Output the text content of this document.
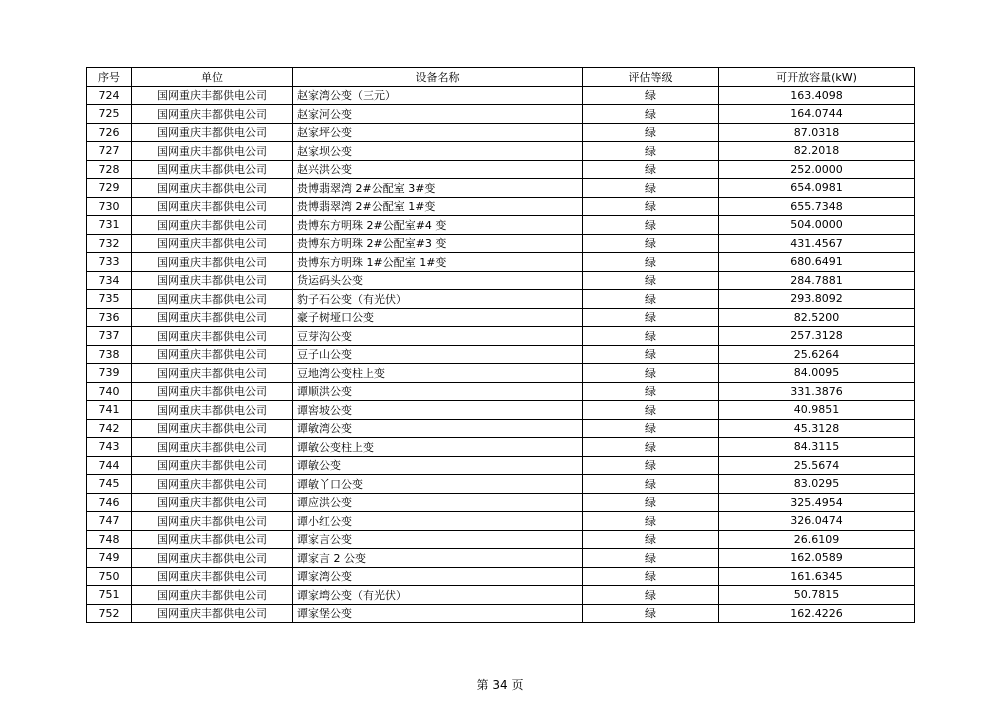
序号	单位	设备名称	评估等级	可开放容量(kW)
724	国网重庆丰都供电公司	赵家湾公变（三元）	绿	163.4098
725	国网重庆丰都供电公司	赵家河公变	绿	164.0744
726	国网重庆丰都供电公司	赵家坪公变	绿	87.0318
727	国网重庆丰都供电公司	赵家坝公变	绿	82.2018
728	国网重庆丰都供电公司	赵兴洪公变	绿	252.0000
729	国网重庆丰都供电公司	贵博翡翠湾 2#公配室 3#变	绿	654.0981
730	国网重庆丰都供电公司	贵博翡翠湾 2#公配室 1#变	绿	655.7348
731	国网重庆丰都供电公司	贵博东方明珠 2#公配室#4 变	绿	504.0000
732	国网重庆丰都供电公司	贵博东方明珠 2#公配室#3 变	绿	431.4567
733	国网重庆丰都供电公司	贵博东方明珠 1#公配室 1#变	绿	680.6491
734	国网重庆丰都供电公司	货运码头公变	绿	284.7881
735	国网重庆丰都供电公司	豹子石公变（有光伏）	绿	293.8092
736	国网重庆丰都供电公司	豪子树垭口公变	绿	82.5200
737	国网重庆丰都供电公司	豆芽沟公变	绿	257.3128
738	国网重庆丰都供电公司	豆子山公变	绿	25.6264
739	国网重庆丰都供电公司	豆地湾公变柱上变	绿	84.0095
740	国网重庆丰都供电公司	谭顺洪公变	绿	331.3876
741	国网重庆丰都供电公司	谭窖坡公变	绿	40.9851
742	国网重庆丰都供电公司	谭敏湾公变	绿	45.3128
743	国网重庆丰都供电公司	谭敏公变柱上变	绿	84.3115
744	国网重庆丰都供电公司	谭敏公变	绿	25.5674
745	国网重庆丰都供电公司	谭敏丫口公变	绿	83.0295
746	国网重庆丰都供电公司	谭应洪公变	绿	325.4954
747	国网重庆丰都供电公司	谭小红公变	绿	326.0474
748	国网重庆丰都供电公司	谭家言公变	绿	26.6109
749	国网重庆丰都供电公司	谭家言 2 公变	绿	162.0589
750	国网重庆丰都供电公司	谭家湾公变	绿	161.6345
751	国网重庆丰都供电公司	谭家塆公变（有光伏）	绿	50.7815
752	国网重庆丰都供电公司	谭家堡公变	绿	162.4226
第 34 页
